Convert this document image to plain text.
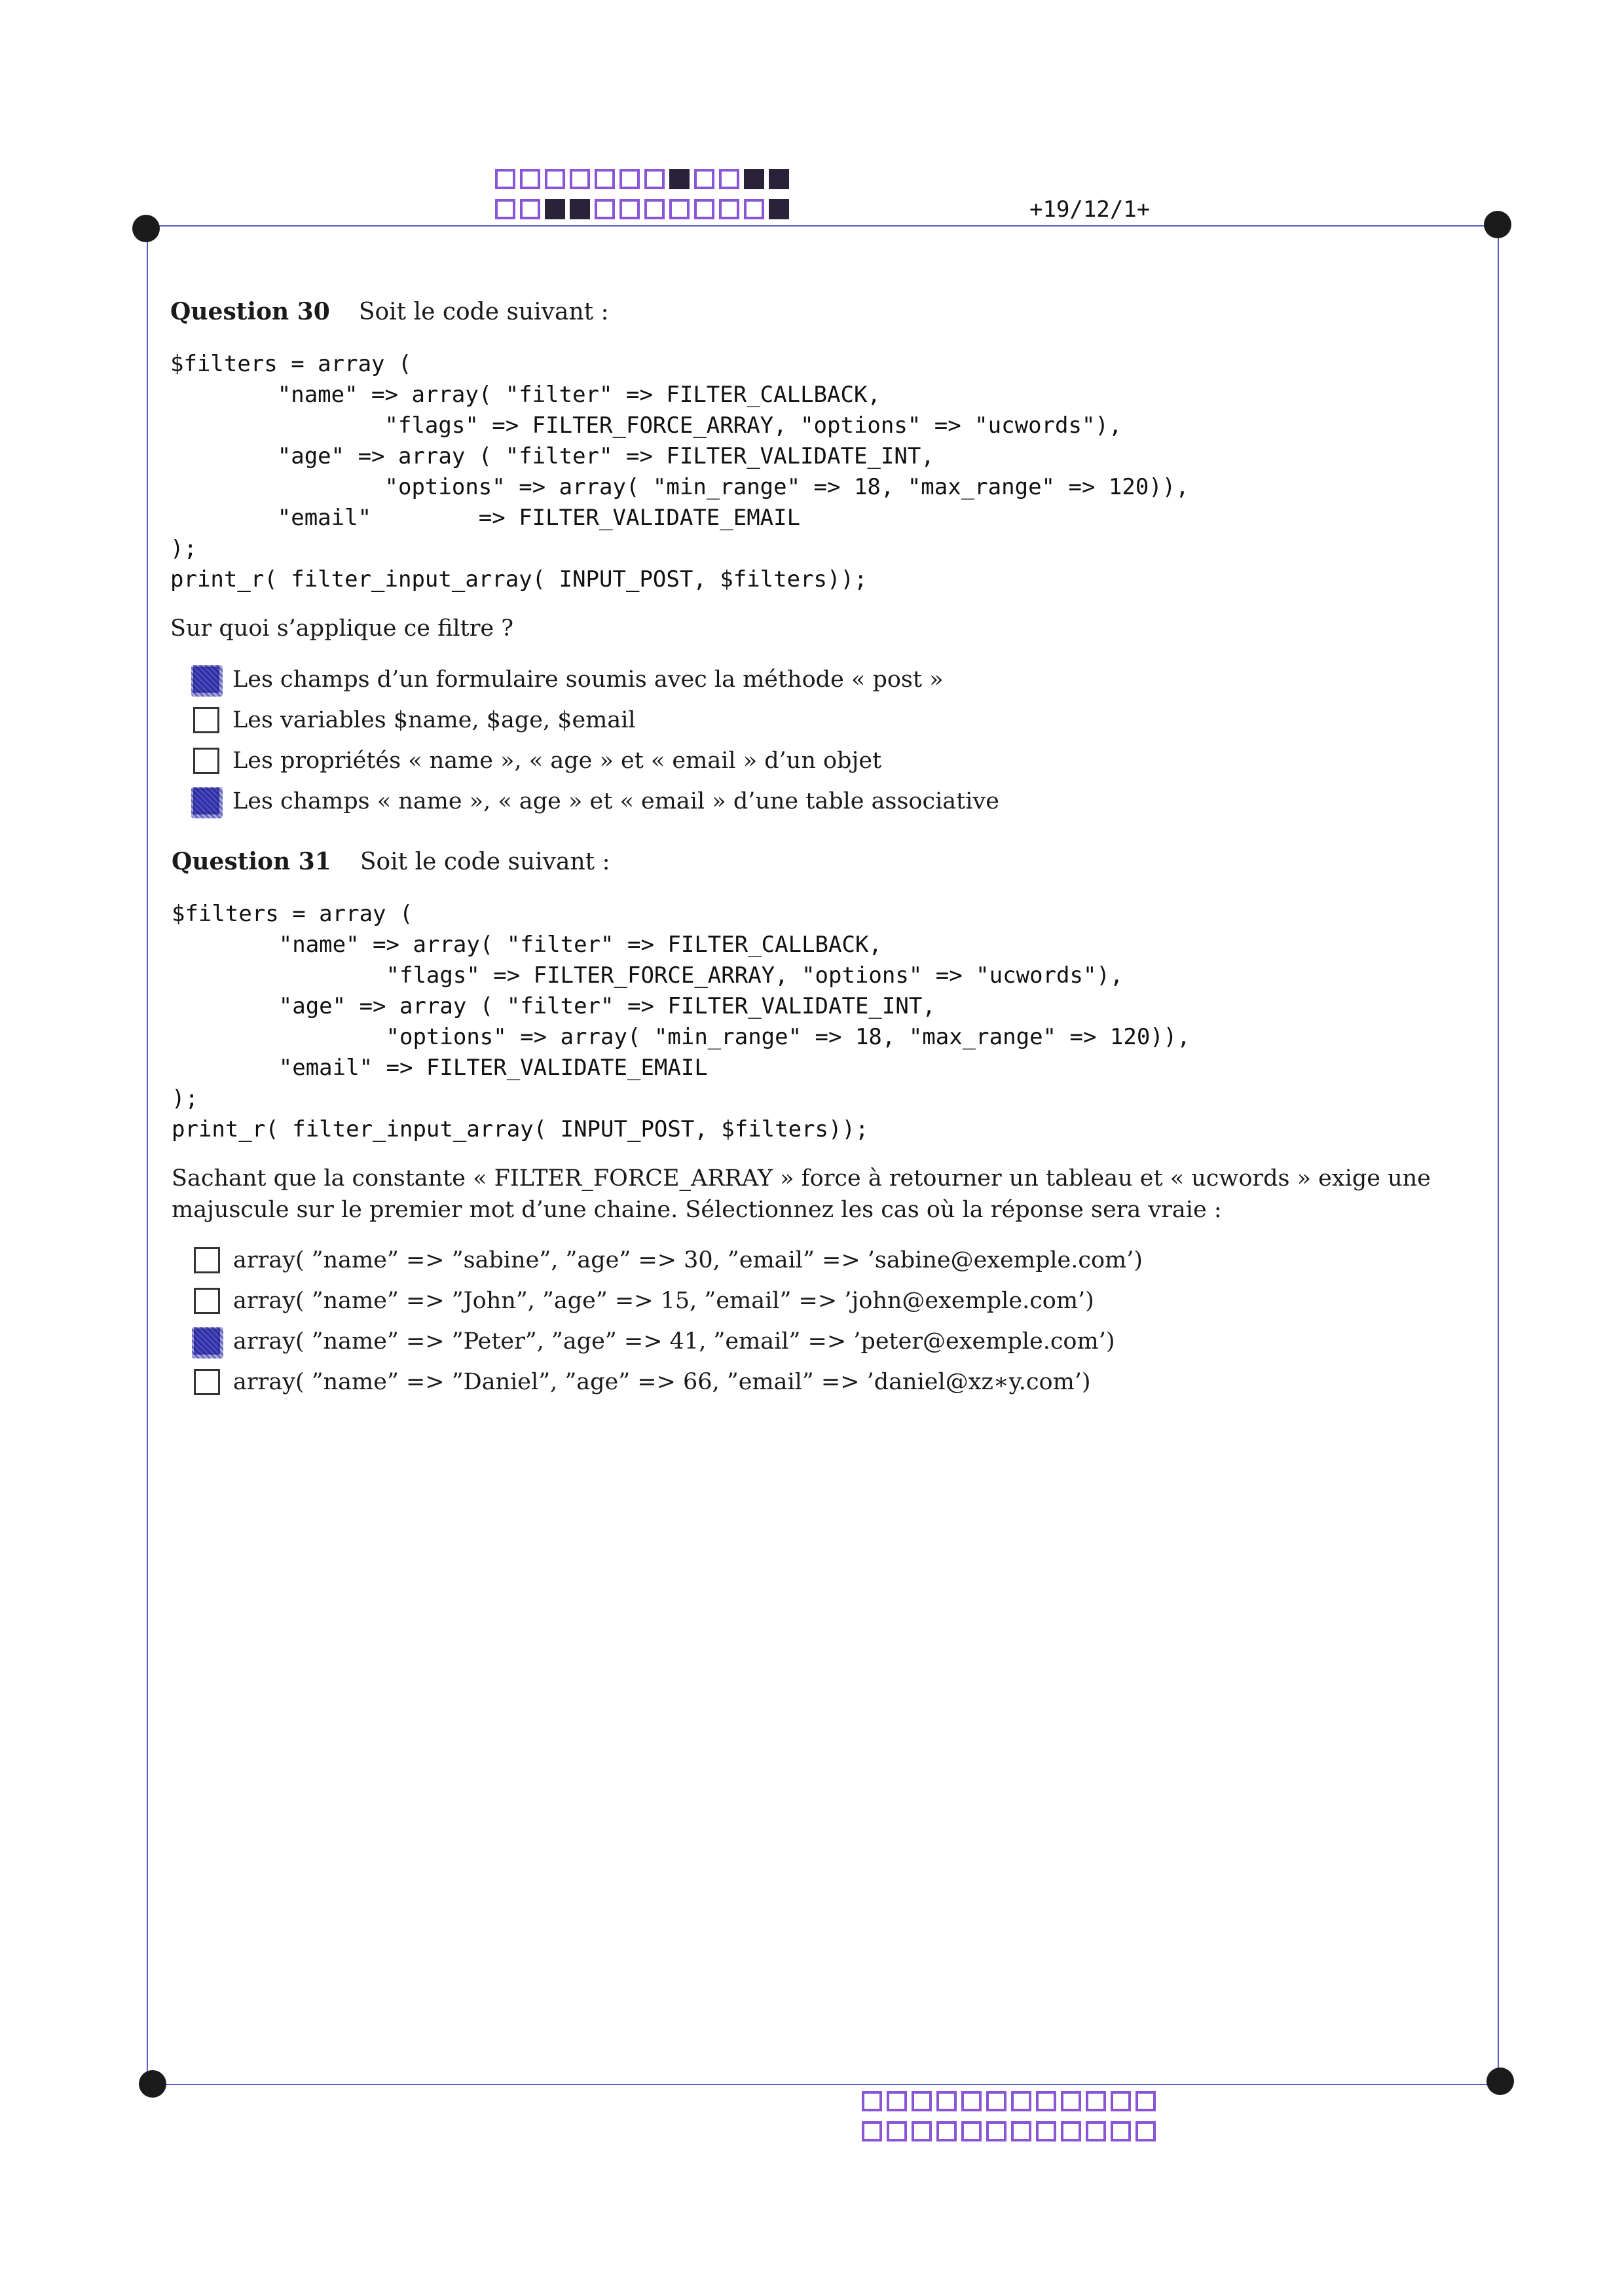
+19/12/1+
Question 30 Soit le code suivant :
$filters = array (
"name" => array( "filter" => FILTER_CALLBACK,
"flags" => FILTER_FORCE_ARRAY, "options" => "ucwords"),
"age" => array ( "filter" => FILTER_VALIDATE_INT,
"options" => array( "min_range" => 18, "max_range" => 120)),
"email"        => FILTER_VALIDATE_EMAIL
);
print_r( filter_input_array( INPUT_POST, $filters));
Sur quoi s’applique ce filtre ?
Les champs d’un formulaire soumis avec la méthode « post »
Les variables $name, $age, $email
Les propriétés « name », « age » et « email » d’un objet
Les champs « name », « age » et « email » d’une table associative
Question 31 Soit le code suivant :
$filters = array (
"name" => array( "filter" => FILTER_CALLBACK,
"flags" => FILTER_FORCE_ARRAY, "options" => "ucwords"),
"age" => array ( "filter" => FILTER_VALIDATE_INT,
"options" => array( "min_range" => 18, "max_range" => 120)),
"email" => FILTER_VALIDATE_EMAIL
);
print_r( filter_input_array( INPUT_POST, $filters));
Sachant que la constante « FILTER_FORCE_ARRAY » force à retourner un tableau et « ucwords » exige une majuscule sur le premier mot d’une chaine. Sélectionnez les cas où la réponse sera vraie :
array( ”name” => ”sabine”, ”age” => 30, ”email” => ’sabine@exemple.com’)
array( ”name” => ”John”, ”age” => 15, ”email” => ’john@exemple.com’)
array( ”name” => ”Peter”, ”age” => 41, ”email” => ’peter@exemple.com’)
array( ”name” => ”Daniel”, ”age” => 66, ”email” => ’daniel@xz∗y.com’)
